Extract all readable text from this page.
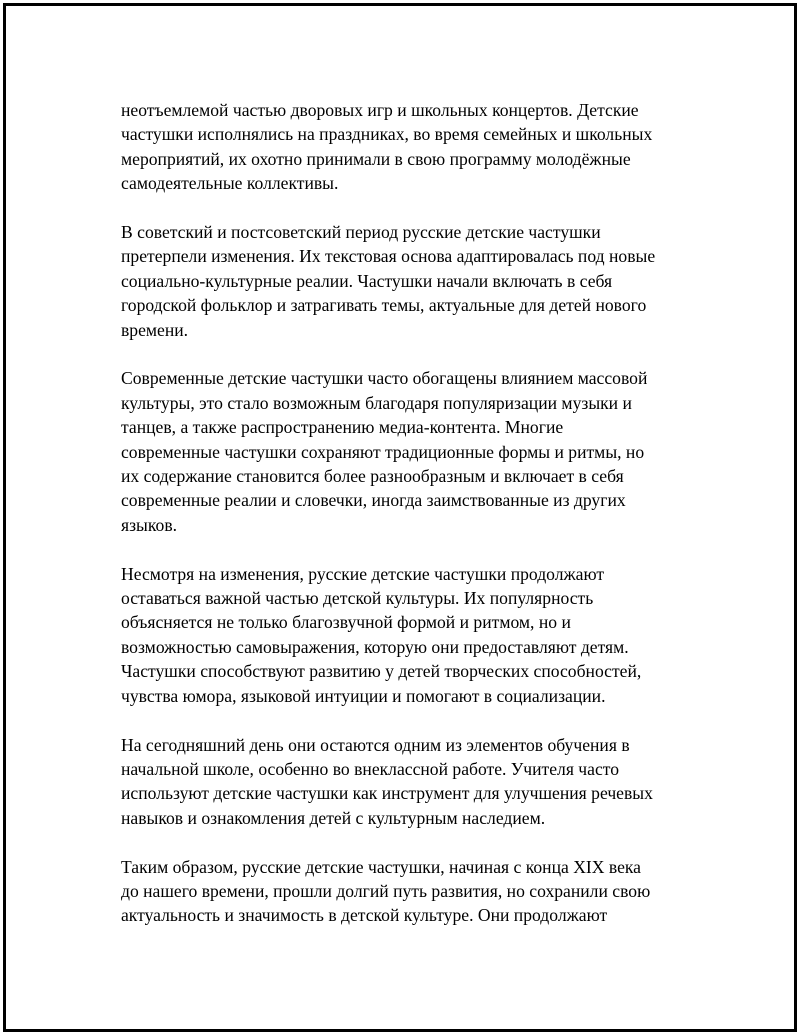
неотъемлемой частью дворовых игр и школьных концертов. Детские
частушки исполнялись на праздниках, во время семейных и школьных
мероприятий, их охотно принимали в свою программу молодёжные
самодеятельные коллективы.

В советский и постсоветский период русские детские частушки
претерпели изменения. Их текстовая основа адаптировалась под новые
социально-культурные реалии. Частушки начали включать в себя
городской фольклор и затрагивать темы, актуальные для детей нового
времени.

Современные детские частушки часто обогащены влиянием массовой
культуры, это стало возможным благодаря популяризации музыки и
танцев, а также распространению медиа-контента. Многие
современные частушки сохраняют традиционные формы и ритмы, но
их содержание становится более разнообразным и включает в себя
современные реалии и словечки, иногда заимствованные из других
языков.

Несмотря на изменения, русские детские частушки продолжают
оставаться важной частью детской культуры. Их популярность
объясняется не только благозвучной формой и ритмом, но и
возможностью самовыражения, которую они предоставляют детям.
Частушки способствуют развитию у детей творческих способностей,
чувства юмора, языковой интуиции и помогают в социализации.

На сегодняшний день они остаются одним из элементов обучения в
начальной школе, особенно во внеклассной работе. Учителя часто
используют детские частушки как инструмент для улучшения речевых
навыков и ознакомления детей с культурным наследием.

Таким образом, русские детские частушки, начиная с конца XIX века
до нашего времени, прошли долгий путь развития, но сохранили свою
актуальность и значимость в детской культуре. Они продолжают
